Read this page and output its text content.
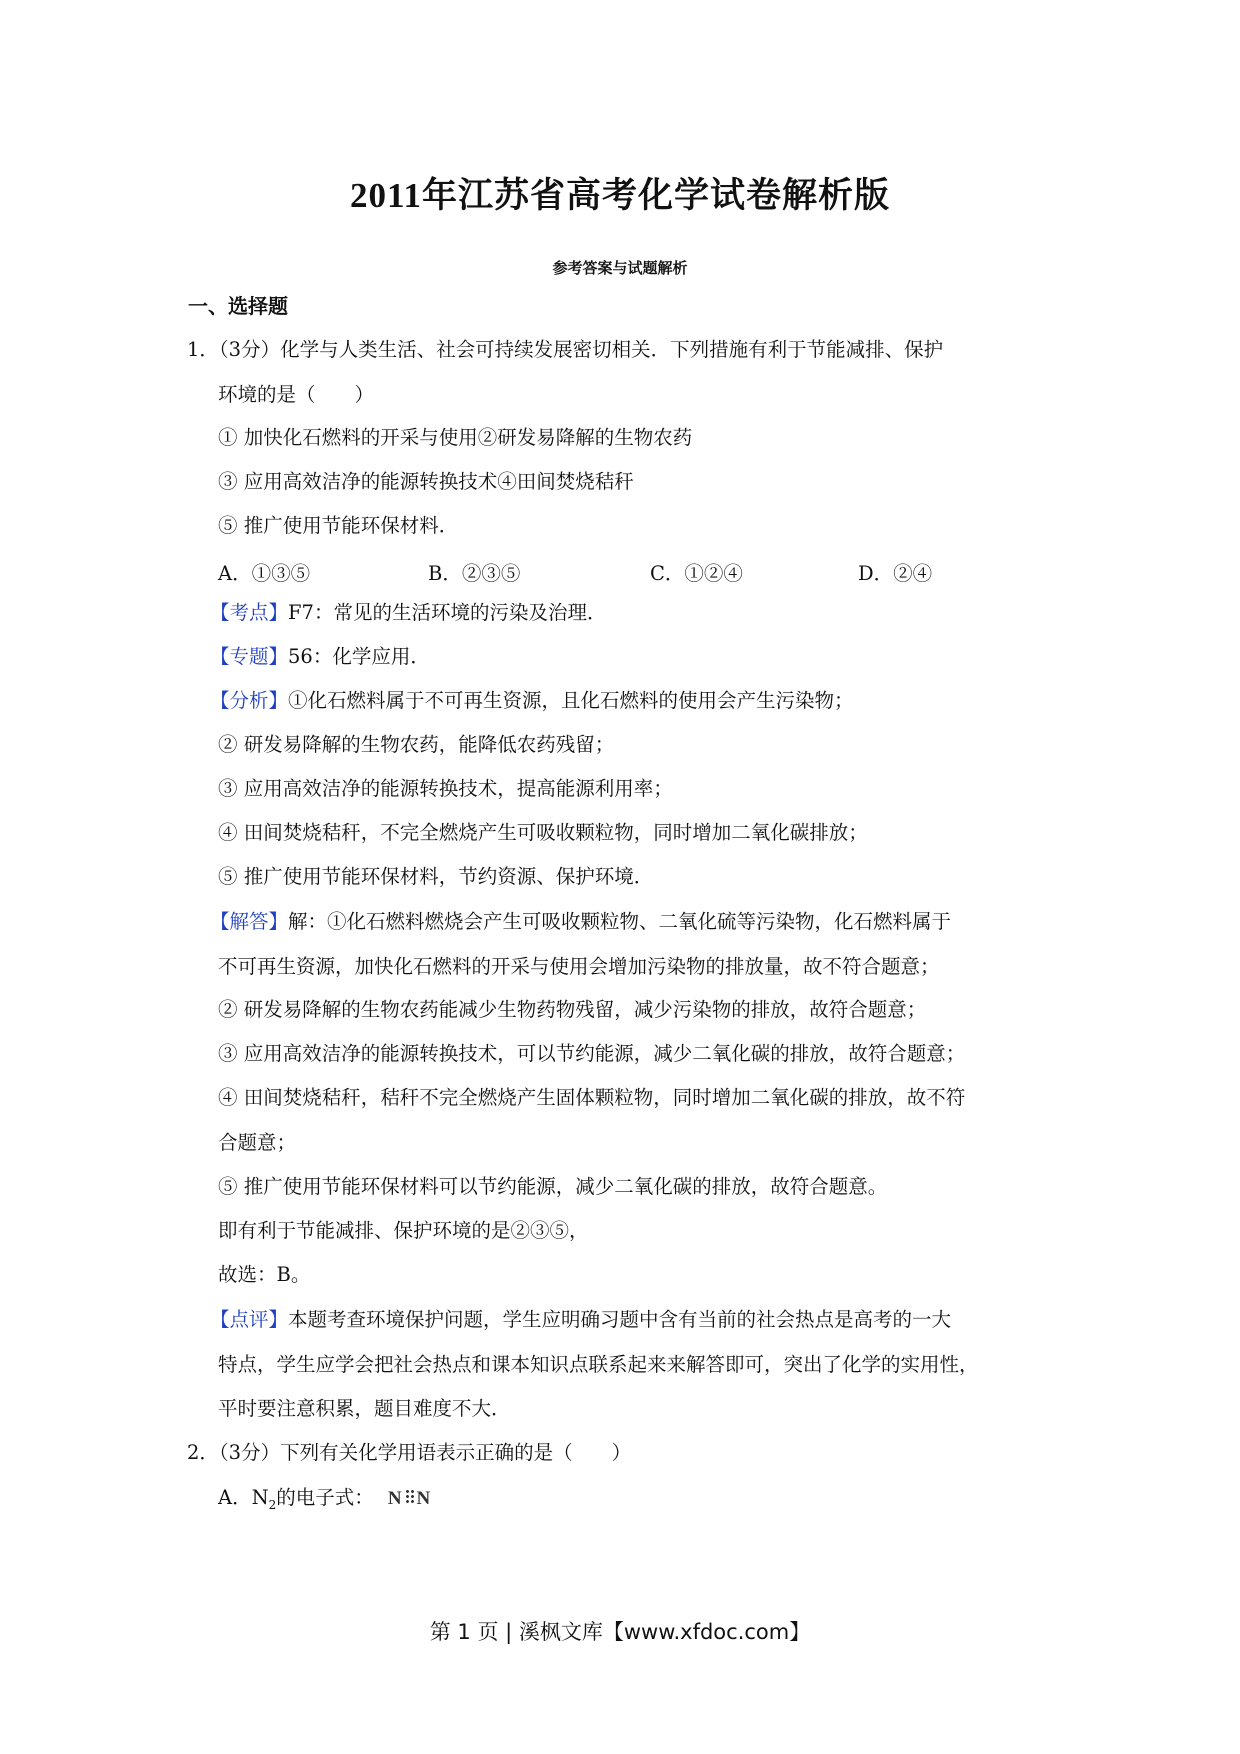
2011年江苏省高考化学试卷解析版

参考答案与试题解析

一、选择题

1．（3分）化学与人类生活、社会可持续发展密切相关．下列措施有利于节能减排、保护

环境的是（　　）

① 加快化石燃料的开采与使用②研发易降解的生物农药

③ 应用高效洁净的能源转换技术④田间焚烧秸秆

⑤ 推广使用节能环保材料．

A．①③⑤	B．②③⑤	C．①②④	D．②④

【考点】F7：常见的生活环境的污染及治理．

【专题】56：化学应用．

【分析】①化石燃料属于不可再生资源，且化石燃料的使用会产生污染物；

② 研发易降解的生物农药，能降低农药残留；

③ 应用高效洁净的能源转换技术，提高能源利用率；

④ 田间焚烧秸秆，不完全燃烧产生可吸收颗粒物，同时增加二氧化碳排放；

⑤ 推广使用节能环保材料，节约资源、保护环境．

【解答】解：①化石燃料燃烧会产生可吸收颗粒物、二氧化硫等污染物，化石燃料属于

不可再生资源，加快化石燃料的开采与使用会增加污染物的排放量，故不符合题意；

② 研发易降解的生物农药能减少生物药物残留，减少污染物的排放，故符合题意；

③ 应用高效洁净的能源转换技术，可以节约能源，减少二氧化碳的排放，故符合题意；

④ 田间焚烧秸秆，秸秆不完全燃烧产生固体颗粒物，同时增加二氧化碳的排放，故不符

合题意；

⑤ 推广使用节能环保材料可以节约能源，减少二氧化碳的排放，故符合题意。

即有利于节能减排、保护环境的是②③⑤，

故选：B。

【点评】本题考查环境保护问题，学生应明确习题中含有当前的社会热点是高考的一大

特点，学生应学会把社会热点和课本知识点联系起来来解答即可，突出了化学的实用性，

平时要注意积累，题目难度不大．

2．（3分）下列有关化学用语表示正确的是（　　）

A．$N_2$的电子式： N N

第 1 页 | 溪枫文库【www.xfdoc.com】
